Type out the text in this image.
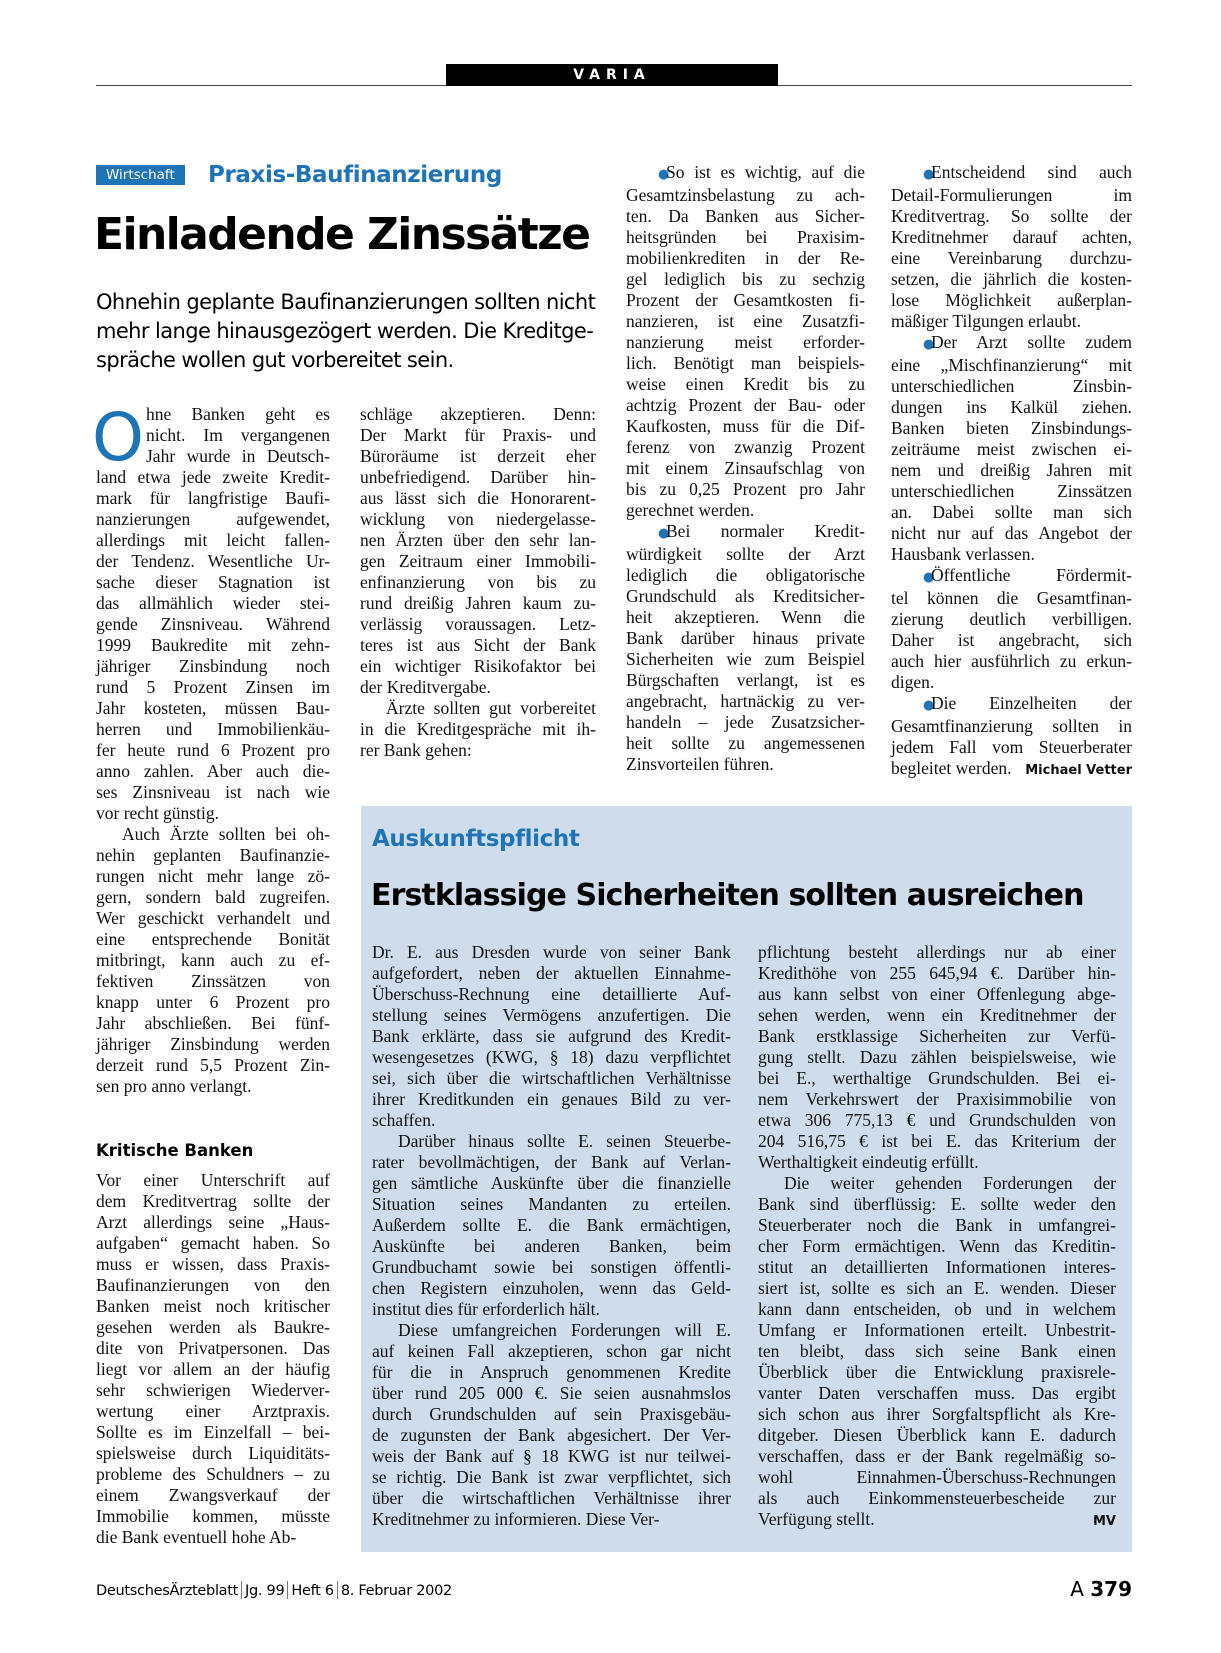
VARIA
Wirtschaft	Praxis-Baufinanzierung
Einladende Zinssätze
Ohnehin geplante Baufinanzierungen sollten nicht
mehr lange hinausgezögert werden. Die Kreditge-
spräche wollen gut vorbereitet sein.
O hne Banken geht es
nicht. Im vergangenen
Jahr wurde in Deutsch-
land etwa jede zweite Kredit-
mark für langfristige Baufi-
nanzierungen aufgewendet,
allerdings mit leicht fallen-
der Tendenz. Wesentliche Ur-
sache dieser Stagnation ist
das allmählich wieder stei-
gende Zinsniveau. Während
1999 Baukredite mit zehn-
jähriger Zinsbindung noch
rund 5 Prozent Zinsen im
Jahr kosteten, müssen Bau-
herren und Immobilienkäu-
fer heute rund 6 Prozent pro
anno zahlen. Aber auch die-
ses Zinsniveau ist nach wie
vor recht günstig.
Auch Ärzte sollten bei oh-
nehin geplanten Baufinanzie-
rungen nicht mehr lange zö-
gern, sondern bald zugreifen.
Wer geschickt verhandelt und
eine entsprechende Bonität
mitbringt, kann auch zu ef-
fektiven Zinssätzen von
knapp unter 6 Prozent pro
Jahr abschließen. Bei fünf-
jähriger Zinsbindung werden
derzeit rund 5,5 Prozent Zin-
sen pro anno verlangt.
Kritische Banken
Vor einer Unterschrift auf
dem Kreditvertrag sollte der
Arzt allerdings seine „Haus-
aufgaben“ gemacht haben. So
muss er wissen, dass Praxis-
Baufinanzierungen von den
Banken meist noch kritischer
gesehen werden als Baukre-
dite von Privatpersonen. Das
liegt vor allem an der häufig
sehr schwierigen Wiederver-
wertung einer Arztpraxis.
Sollte es im Einzelfall – bei-
spielsweise durch Liquiditäts-
probleme des Schuldners – zu
einem Zwangsverkauf der
Immobilie kommen, müsste
die Bank eventuell hohe Ab-
schläge akzeptieren. Denn:
Der Markt für Praxis- und
Büroräume ist derzeit eher
unbefriedigend. Darüber hin-
aus lässt sich die Honorarent-
wicklung von niedergelasse-
nen Ärzten über den sehr lan-
gen Zeitraum einer Immobili-
enfinanzierung von bis zu
rund dreißig Jahren kaum zu-
verlässig voraussagen. Letz-
teres ist aus Sicht der Bank
ein wichtiger Risikofaktor bei
der Kreditvergabe.
Ärzte sollten gut vorbereitet
in die Kreditgespräche mit ih-
rer Bank gehen:
●So ist es wichtig, auf die
Gesamtzinsbelastung zu ach-
ten. Da Banken aus Sicher-
heitsgründen bei Praxisim-
mobilienkrediten in der Re-
gel lediglich bis zu sechzig
Prozent der Gesamtkosten fi-
nanzieren, ist eine Zusatzfi-
nanzierung meist erforder-
lich. Benötigt man beispiels-
weise einen Kredit bis zu
achtzig Prozent der Bau- oder
Kaufkosten, muss für die Dif-
ferenz von zwanzig Prozent
mit einem Zinsaufschlag von
bis zu 0,25 Prozent pro Jahr
gerechnet werden.
●Bei normaler Kredit-
würdigkeit sollte der Arzt
lediglich die obligatorische
Grundschuld als Kreditsicher-
heit akzeptieren. Wenn die
Bank darüber hinaus private
Sicherheiten wie zum Beispiel
Bürgschaften verlangt, ist es
angebracht, hartnäckig zu ver-
handeln – jede Zusatzsicher-
heit sollte zu angemessenen
Zinsvorteilen führen.
●Entscheidend sind auch
Detail-Formulierungen im
Kreditvertrag. So sollte der
Kreditnehmer darauf achten,
eine Vereinbarung durchzu-
setzen, die jährlich die kosten-
lose Möglichkeit außerplan-
mäßiger Tilgungen erlaubt.
●Der Arzt sollte zudem
eine „Mischfinanzierung“ mit
unterschiedlichen Zinsbin-
dungen ins Kalkül ziehen.
Banken bieten Zinsbindungs-
zeiträume meist zwischen ei-
nem und dreißig Jahren mit
unterschiedlichen Zinssätzen
an. Dabei sollte man sich
nicht nur auf das Angebot der
Hausbank verlassen.
●Öffentliche Fördermit-
tel können die Gesamtfinan-
zierung deutlich verbilligen.
Daher ist angebracht, sich
auch hier ausführlich zu erkun-
digen.
●Die Einzelheiten der
Gesamtfinanzierung sollten in
jedem Fall vom Steuerberater
begleitet werden. Michael Vetter
Auskunftspflicht
Erstklassige Sicherheiten sollten ausreichen
Dr. E. aus Dresden wurde von seiner Bank
aufgefordert, neben der aktuellen Einnahme-
Überschuss-Rechnung eine detaillierte Auf-
stellung seines Vermögens anzufertigen. Die
Bank erklärte, dass sie aufgrund des Kredit-
wesengesetzes (KWG, § 18) dazu verpflichtet
sei, sich über die wirtschaftlichen Verhältnisse
ihrer Kreditkunden ein genaues Bild zu ver-
schaffen.
Darüber hinaus sollte E. seinen Steuerbe-
rater bevollmächtigen, der Bank auf Verlan-
gen sämtliche Auskünfte über die finanzielle
Situation seines Mandanten zu erteilen.
Außerdem sollte E. die Bank ermächtigen,
Auskünfte bei anderen Banken, beim
Grundbuchamt sowie bei sonstigen öffentli-
chen Registern einzuholen, wenn das Geld-
institut dies für erforderlich hält.
Diese umfangreichen Forderungen will E.
auf keinen Fall akzeptieren, schon gar nicht
für die in Anspruch genommenen Kredite
über rund 205 000 €. Sie seien ausnahmslos
durch Grundschulden auf sein Praxisgebäu-
de zugunsten der Bank abgesichert. Der Ver-
weis der Bank auf § 18 KWG ist nur teilwei-
se richtig. Die Bank ist zwar verpflichtet, sich
über die wirtschaftlichen Verhältnisse ihrer
Kreditnehmer zu informieren. Diese Ver-
pflichtung besteht allerdings nur ab einer
Kredithöhe von 255 645,94 €. Darüber hin-
aus kann selbst von einer Offenlegung abge-
sehen werden, wenn ein Kreditnehmer der
Bank erstklassige Sicherheiten zur Verfü-
gung stellt. Dazu zählen beispielsweise, wie
bei E., werthaltige Grundschulden. Bei ei-
nem Verkehrswert der Praxisimmobilie von
etwa 306 775,13 € und Grundschulden von
204 516,75 € ist bei E. das Kriterium der
Werthaltigkeit eindeutig erfüllt.
Die weiter gehenden Forderungen der
Bank sind überflüssig: E. sollte weder den
Steuerberater noch die Bank in umfangrei-
cher Form ermächtigen. Wenn das Kreditin-
stitut an detaillierten Informationen interes-
siert ist, sollte es sich an E. wenden. Dieser
kann dann entscheiden, ob und in welchem
Umfang er Informationen erteilt. Unbestrit-
ten bleibt, dass sich seine Bank einen
Überblick über die Entwicklung praxisrele-
vanter Daten verschaffen muss. Das ergibt
sich schon aus ihrer Sorgfaltspflicht als Kre-
ditgeber. Diesen Überblick kann E. dadurch
verschaffen, dass er der Bank regelmäßig so-
wohl Einnahmen-Überschuss-Rechnungen
als auch Einkommensteuerbescheide zur
Verfügung stellt.	MV
DeutschesÄrzteblatt Jg. 99 Heft 6 8. Februar 2002	A 379
